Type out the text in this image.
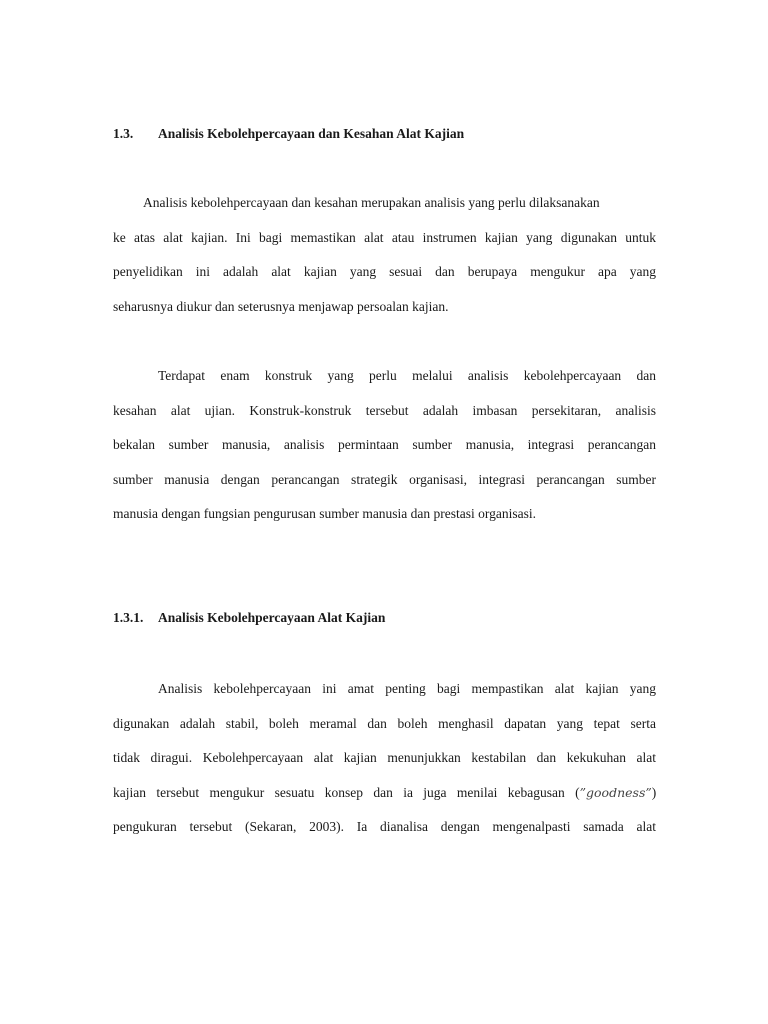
1.3. Analisis Kebolehpercayaan dan Kesahan Alat Kajian
Analisis kebolehpercayaan dan kesahan merupakan analisis yang perlu dilaksanakan
ke atas alat kajian. Ini bagi memastikan alat atau instrumen kajian yang digunakan untuk
penyelidikan ini adalah alat kajian yang sesuai dan berupaya mengukur apa yang
seharusnya diukur dan seterusnya menjawap persoalan kajian.
Terdapat enam konstruk yang perlu melalui analisis kebolehpercayaan dan
kesahan alat ujian. Konstruk-konstruk tersebut adalah imbasan persekitaran, analisis
bekalan sumber manusia, analisis permintaan sumber manusia, integrasi perancangan
sumber manusia dengan perancangan strategik organisasi, integrasi perancangan sumber
manusia dengan fungsian pengurusan sumber manusia dan prestasi organisasi.
1.3.1. Analisis Kebolehpercayaan Alat Kajian
Analisis kebolehpercayaan ini amat penting bagi mempastikan alat kajian yang
digunakan adalah stabil, boleh meramal dan boleh menghasil dapatan yang tepat serta
tidak diragui. Kebolehpercayaan alat kajian menunjukkan kestabilan dan kekukuhan alat
kajian tersebut mengukur sesuatu konsep dan ia juga menilai kebagusan (”goodness”)
pengukuran tersebut (Sekaran, 2003). Ia dianalisa dengan mengenalpasti samada alat
